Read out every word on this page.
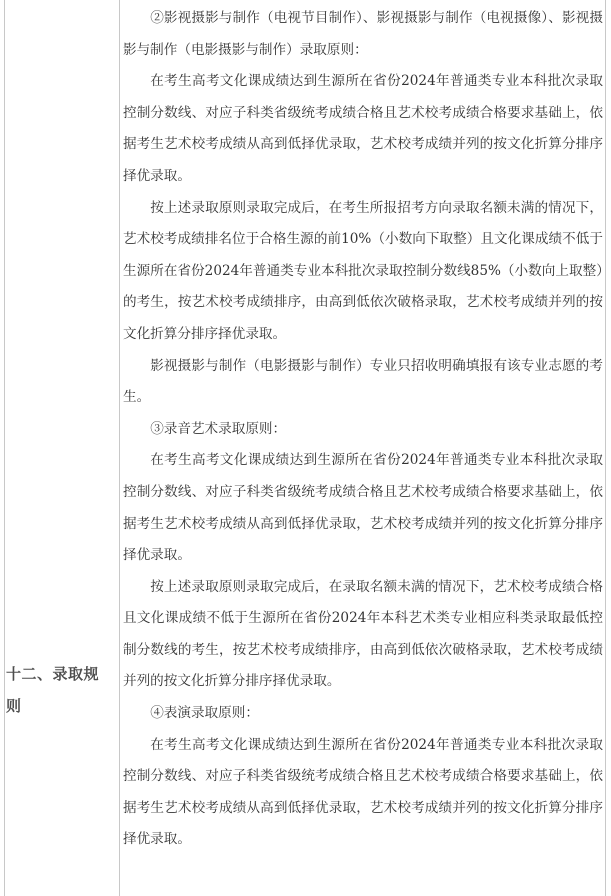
十二、录取规则

②影视摄影与制作（电视节目制作）、影视摄影与制作（电视摄像）、影视摄影与制作（电影摄影与制作）录取原则：

在考生高考文化课成绩达到生源所在省份2024年普通类专业本科批次录取控制分数线、对应子科类省级统考成绩合格且艺术校考成绩合格要求基础上，依据考生艺术校考成绩从高到低择优录取，艺术校考成绩并列的按文化折算分排序择优录取。

按上述录取原则录取完成后，在考生所报招考方向录取名额未满的情况下，艺术校考成绩排名位于合格生源的前10%（小数向下取整）且文化课成绩不低于生源所在省份2024年普通类专业本科批次录取控制分数线85%（小数向上取整）的考生，按艺术校考成绩排序，由高到低依次破格录取，艺术校考成绩并列的按文化折算分排序择优录取。

影视摄影与制作（电影摄影与制作）专业只招收明确填报有该专业志愿的考生。

③录音艺术录取原则：

在考生高考文化课成绩达到生源所在省份2024年普通类专业本科批次录取控制分数线、对应子科类省级统考成绩合格且艺术校考成绩合格要求基础上，依据考生艺术校考成绩从高到低择优录取，艺术校考成绩并列的按文化折算分排序择优录取。

按上述录取原则录取完成后，在录取名额未满的情况下，艺术校考成绩合格且文化课成绩不低于生源所在省份2024年本科艺术类专业相应科类录取最低控制分数线的考生，按艺术校考成绩排序，由高到低依次破格录取，艺术校考成绩并列的按文化折算分排序择优录取。

④表演录取原则：

在考生高考文化课成绩达到生源所在省份2024年普通类专业本科批次录取控制分数线、对应子科类省级统考成绩合格且艺术校考成绩合格要求基础上，依据考生艺术校考成绩从高到低择优录取，艺术校考成绩并列的按文化折算分排序择优录取。
